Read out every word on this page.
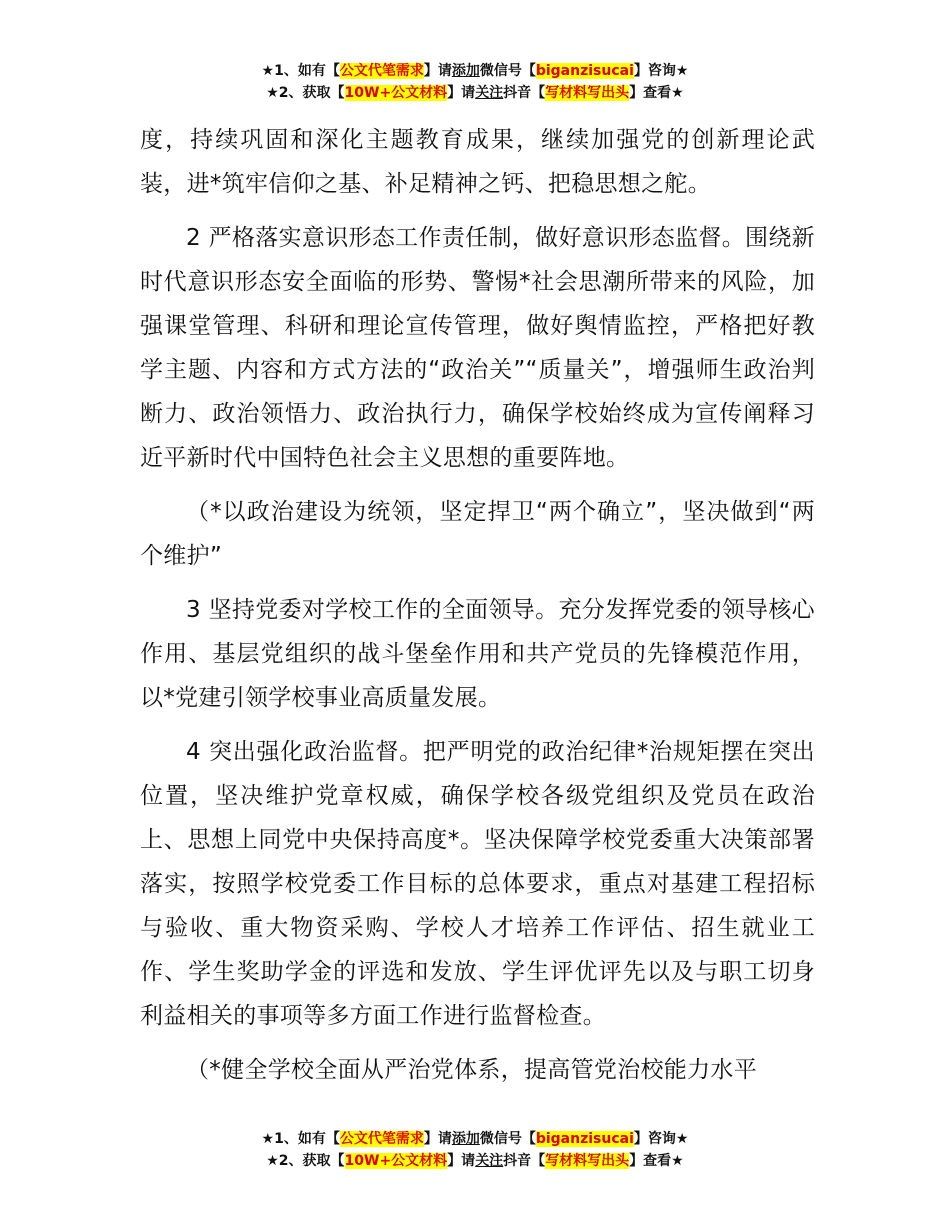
★1、如有【公文代笔需求】请添加微信号【biganzisucai】咨询★
★2、获取【10W+公文材料】请关注抖音【写材料写出头】查看★

度，持续巩固和深化主题教育成果，继续加强党的创新理论武装，进*筑牢信仰之基、补足精神之钙、把稳思想之舵。

2 严格落实意识形态工作责任制，做好意识形态监督。围绕新时代意识形态安全面临的形势、警惕*社会思潮所带来的风险，加强课堂管理、科研和理论宣传管理，做好舆情监控，严格把好教学主题、内容和方式方法的“政治关”“质量关”，增强师生政治判断力、政治领悟力、政治执行力，确保学校始终成为宣传阐释习近平新时代中国特色社会主义思想的重要阵地。

（*以政治建设为统领，坚定捍卫“两个确立”，坚决做到“两个维护”

3 坚持党委对学校工作的全面领导。充分发挥党委的领导核心作用、基层党组织的战斗堡垒作用和共产党员的先锋模范作用，以*党建引领学校事业高质量发展。

4 突出强化政治监督。把严明党的政治纪律*治规矩摆在突出位置，坚决维护党章权威，确保学校各级党组织及党员在政治上、思想上同党中央保持高度*。坚决保障学校党委重大决策部署落实，按照学校党委工作目标的总体要求，重点对基建工程招标与验收、重大物资采购、学校人才培养工作评估、招生就业工作、学生奖助学金的评选和发放、学生评优评先以及与职工切身利益相关的事项等多方面工作进行监督检查。

（*健全学校全面从严治党体系，提高管党治校能力水平

★1、如有【公文代笔需求】请添加微信号【biganzisucai】咨询★
★2、获取【10W+公文材料】请关注抖音【写材料写出头】查看★
